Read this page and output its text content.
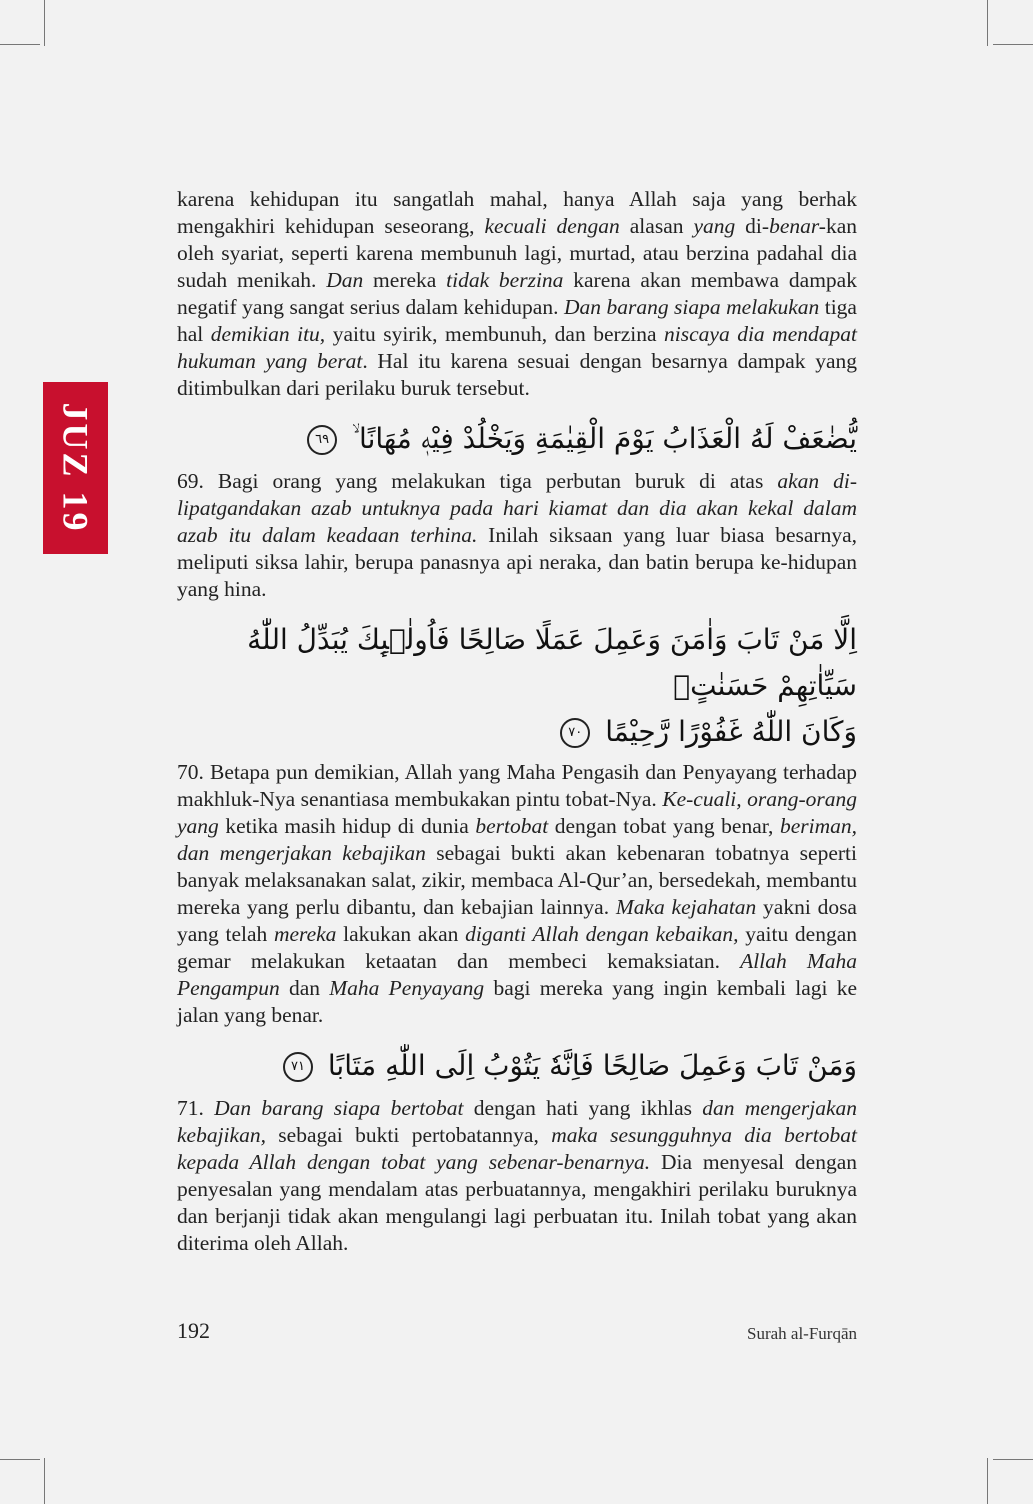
JUZ 19

karena kehidupan itu sangatlah mahal, hanya Allah saja yang berhak mengakhiri kehidupan seseorang, kecuali dengan alasan yang di-benar-kan oleh syariat, seperti karena membunuh lagi, murtad, atau berzina padahal dia sudah menikah. Dan mereka tidak berzina karena akan membawa dampak negatif yang sangat serius dalam kehidupan. Dan barang siapa melakukan tiga hal demikian itu, yaitu syirik, membunuh, dan berzina niscaya dia mendapat hukuman yang berat. Hal itu karena sesuai dengan besarnya dampak yang ditimbulkan dari perilaku buruk tersebut.

يُّضٰعَفْ لَهُ الْعَذَابُ يَوْمَ الْقِيٰمَةِ وَيَخْلُدْ فِيْهٖ مُهَانًا ۙ ٦٩

69. Bagi orang yang melakukan tiga perbutan buruk di atas akan di-lipatgandakan azab untuknya pada hari kiamat dan dia akan kekal dalam azab itu dalam keadaan terhina. Inilah siksaan yang luar biasa besarnya, meliputi siksa lahir, berupa panasnya api neraka, dan batin berupa ke-hidupan yang hina.

اِلَّا مَنْ تَابَ وَاٰمَنَ وَعَمِلَ عَمَلًا صَالِحًا فَاُولٰۤىِٕكَ يُبَدِّلُ اللّٰهُ سَيِّاٰتِهِمْ حَسَنٰتٍۗ
وَكَانَ اللّٰهُ غَفُوْرًا رَّحِيْمًا ٧٠

70. Betapa pun demikian, Allah yang Maha Pengasih dan Penyayang terhadap makhluk-Nya senantiasa membukakan pintu tobat-Nya. Ke-cuali, orang-orang yang ketika masih hidup di dunia bertobat dengan tobat yang benar, beriman, dan mengerjakan kebajikan sebagai bukti akan kebenaran tobatnya seperti banyak melaksanakan salat, zikir, membaca Al-Qur’an, bersedekah, membantu mereka yang perlu dibantu, dan kebajian lainnya. Maka kejahatan yakni dosa yang telah mereka lakukan akan diganti Allah dengan kebaikan, yaitu dengan gemar melakukan ketaatan dan membeci kemaksiatan. Allah Maha Pengampun dan Maha Penyayang bagi mereka yang ingin kembali lagi ke jalan yang benar.

وَمَنْ تَابَ وَعَمِلَ صَالِحًا فَاِنَّهٗ يَتُوْبُ اِلَى اللّٰهِ مَتَابًا ٧١

71. Dan barang siapa bertobat dengan hati yang ikhlas dan mengerjakan kebajikan, sebagai bukti pertobatannya, maka sesungguhnya dia bertobat kepada Allah dengan tobat yang sebenar-benarnya. Dia menyesal dengan penyesalan yang mendalam atas perbuatannya, mengakhiri perilaku buruknya dan berjanji tidak akan mengulangi lagi perbuatan itu. Inilah tobat yang akan diterima oleh Allah.

192	Surah al-Furqān
